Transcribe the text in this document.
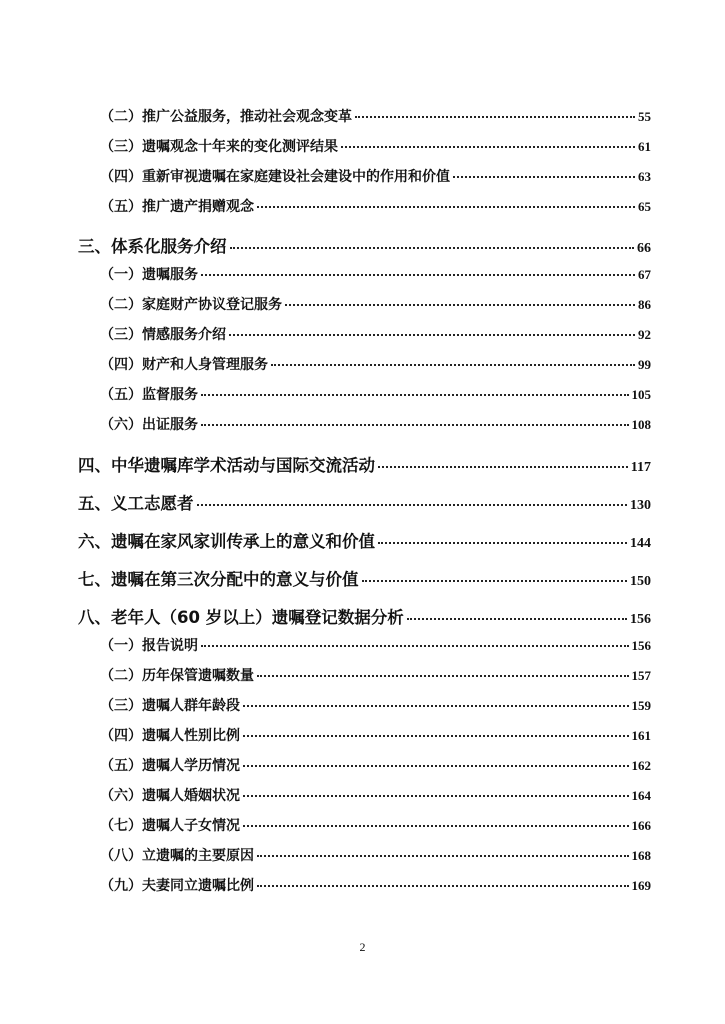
（二）推广公益服务，推动社会观念变革	55
（三）遗嘱观念十年来的变化测评结果	61
（四）重新审视遗嘱在家庭建设社会建设中的作用和价值	63
（五）推广遗产捐赠观念	65
三、体系化服务介绍	66
（一）遗嘱服务	67
（二）家庭财产协议登记服务	86
（三）情感服务介绍	92
（四）财产和人身管理服务	99
（五）监督服务	105
（六）出证服务	108
四、中华遗嘱库学术活动与国际交流活动	117
五、义工志愿者	130
六、遗嘱在家风家训传承上的意义和价值	144
七、遗嘱在第三次分配中的意义与价值	150
八、老年人（60 岁以上）遗嘱登记数据分析	156
（一）报告说明	156
（二）历年保管遗嘱数量	157
（三）遗嘱人群年龄段	159
（四）遗嘱人性别比例	161
（五）遗嘱人学历情况	162
（六）遗嘱人婚姻状况	164
（七）遗嘱人子女情况	166
（八）立遗嘱的主要原因	168
（九）夫妻同立遗嘱比例	169
2
